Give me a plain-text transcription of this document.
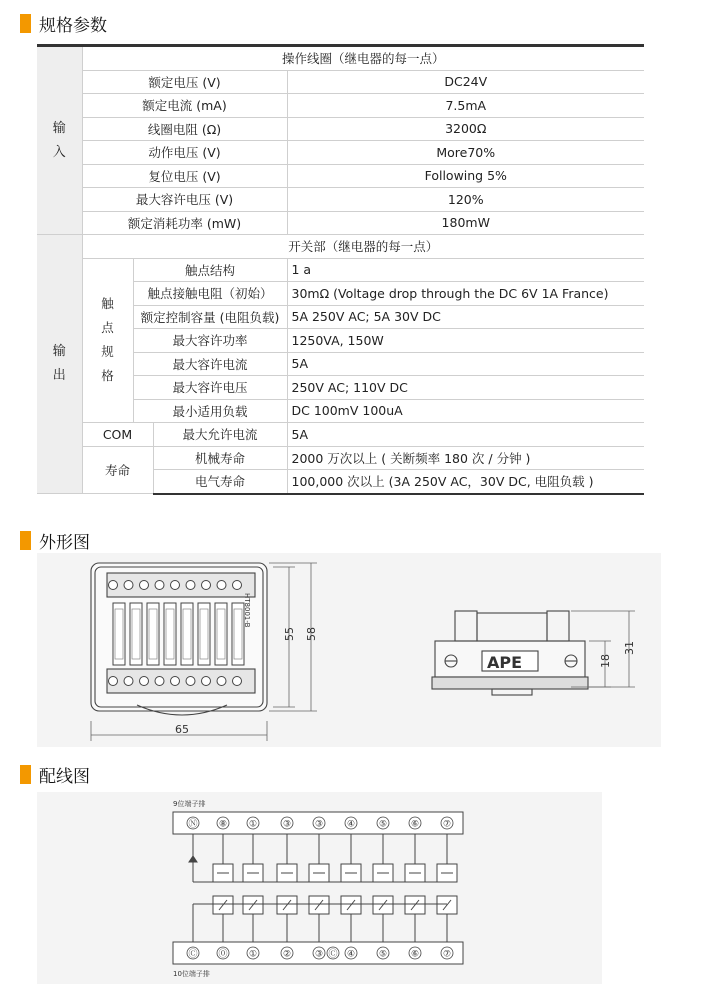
规格参数
输
入	操作线圈（继电器的每一点）			
	额定电压 (V)			DC24V
	额定电流 (mA)			7.5mA
	线圈电阻 (Ω)			3200Ω
	动作电压 (V)			More70%
	复位电压 (V)			Following 5%
	最大容许电压 (V)			120%
	额定消耗功率 (mW)			180mW

输
出	开关部（继电器的每一点）			

	触
点
规
格	触点结构		1 a
		触点接触电阻（初始）		30mΩ (Voltage drop through the DC 6V 1A France)
		额定控制容量 (电阻负载)		5A 250V AC; 5A 30V DC
		最大容许功率		1250VA, 150W
		最大容许电流		5A
		最大容许电压		250V AC; 110V DC
		最小适用负载		DC 100mV 100uA
	COM		最大允许电流	5A
	寿命		机械寿命	2000 万次以上 ( 关断频率 180 次 / 分钟 )
			电气寿命	100,000 次以上 (3A 250V AC，30V DC, 电阻负载 )
外形图
HT8001-B
65
55 58
APE	18
31
配线图
9位端子排
10位端子排
Ⓝ ⑧ ①	③	③	④	⑤	⑥	⑦
Ⓒ ⓪ ①	②	③ Ⓒ ④	⑤	⑥	⑦
